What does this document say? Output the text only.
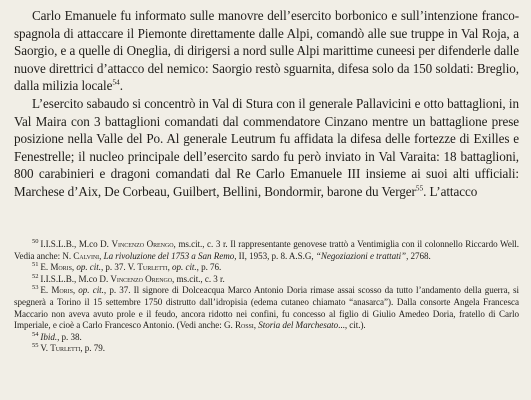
Carlo Emanuele fu informato sulle manovre dell’esercito borbonico e sull’intenzione franco-spagnola di attaccare il Piemonte direttamente dalle Alpi, comandò alle sue truppe in Val Roja, a Saorgio, e a quelle di Oneglia, di dirigersi a nord sulle Alpi marittime cuneesi per difenderle dalle nuove direttrici d’attacco del nemico: Saorgio restò sguarnita, difesa solo da 150 soldati: Breglio, dalla milizia locale$^{54}$.

L’esercito sabaudo si concentrò in Val di Stura con il generale Pallavicini e otto battaglioni, in Val Maira con 3 battaglioni comandati dal commendatore Cinzano mentre un battaglione prese posizione nella Valle del Po. Al generale Leutrum fu affidata la difesa delle fortezze di Exilles e Fenestrelle; il nucleo principale dell’esercito sardo fu però inviato in Val Varaita: 18 battaglioni, 800 carabinieri e dragoni comandati dal Re Carlo Emanuele III insieme ai suoi alti ufficiali: Marchese d’Aix, De Corbeau, Guilbert, Bellini, Bondormir, barone du Verger$^{55}$. L’attacco

$^{50}$ I.I.S.L.B., M.co D. Vincenzo Orengo, ms.cit., c. 3 r. Il rappresentante genovese trattò a Ventimiglia con il colonnello Riccardo Well. Vedia anche: N. Calvini, La rivoluzione del 1753 a San Remo, II, 1953, p. 8. A.S.G, “Negoziazioni e trattati”, 2768.

$^{51}$ E. Moris, op. cit., p. 37. V. Turletti, op. cit., p. 76.

$^{52}$ I.I.S.L.B., M.co D. Vincenzo Orengo, ms.cit., c. 3 r.

$^{53}$ E. Moris, op. cit., p. 37. Il signore di Dolceacqua Marco Antonio Doria rimase assai scosso da tutto l’andamento della guerra, si spegnerà a Torino il 15 settembre 1750 distrutto dall’idropisia (edema cutaneo chiamato “anasarca”). Dalla consorte Angela Francesca Maccario non aveva avuto prole e il feudo, ancora ridotto nei confini, fu concesso al figlio di Giulio Amedeo Doria, fratello di Carlo Imperiale, e cioè a Carlo Francesco Antonio. (Vedi anche: G. Rossi, Storia del Marchesato..., cit.).

$^{54}$ Ibid., p. 38.

$^{55}$ V. Turletti, p. 79.
